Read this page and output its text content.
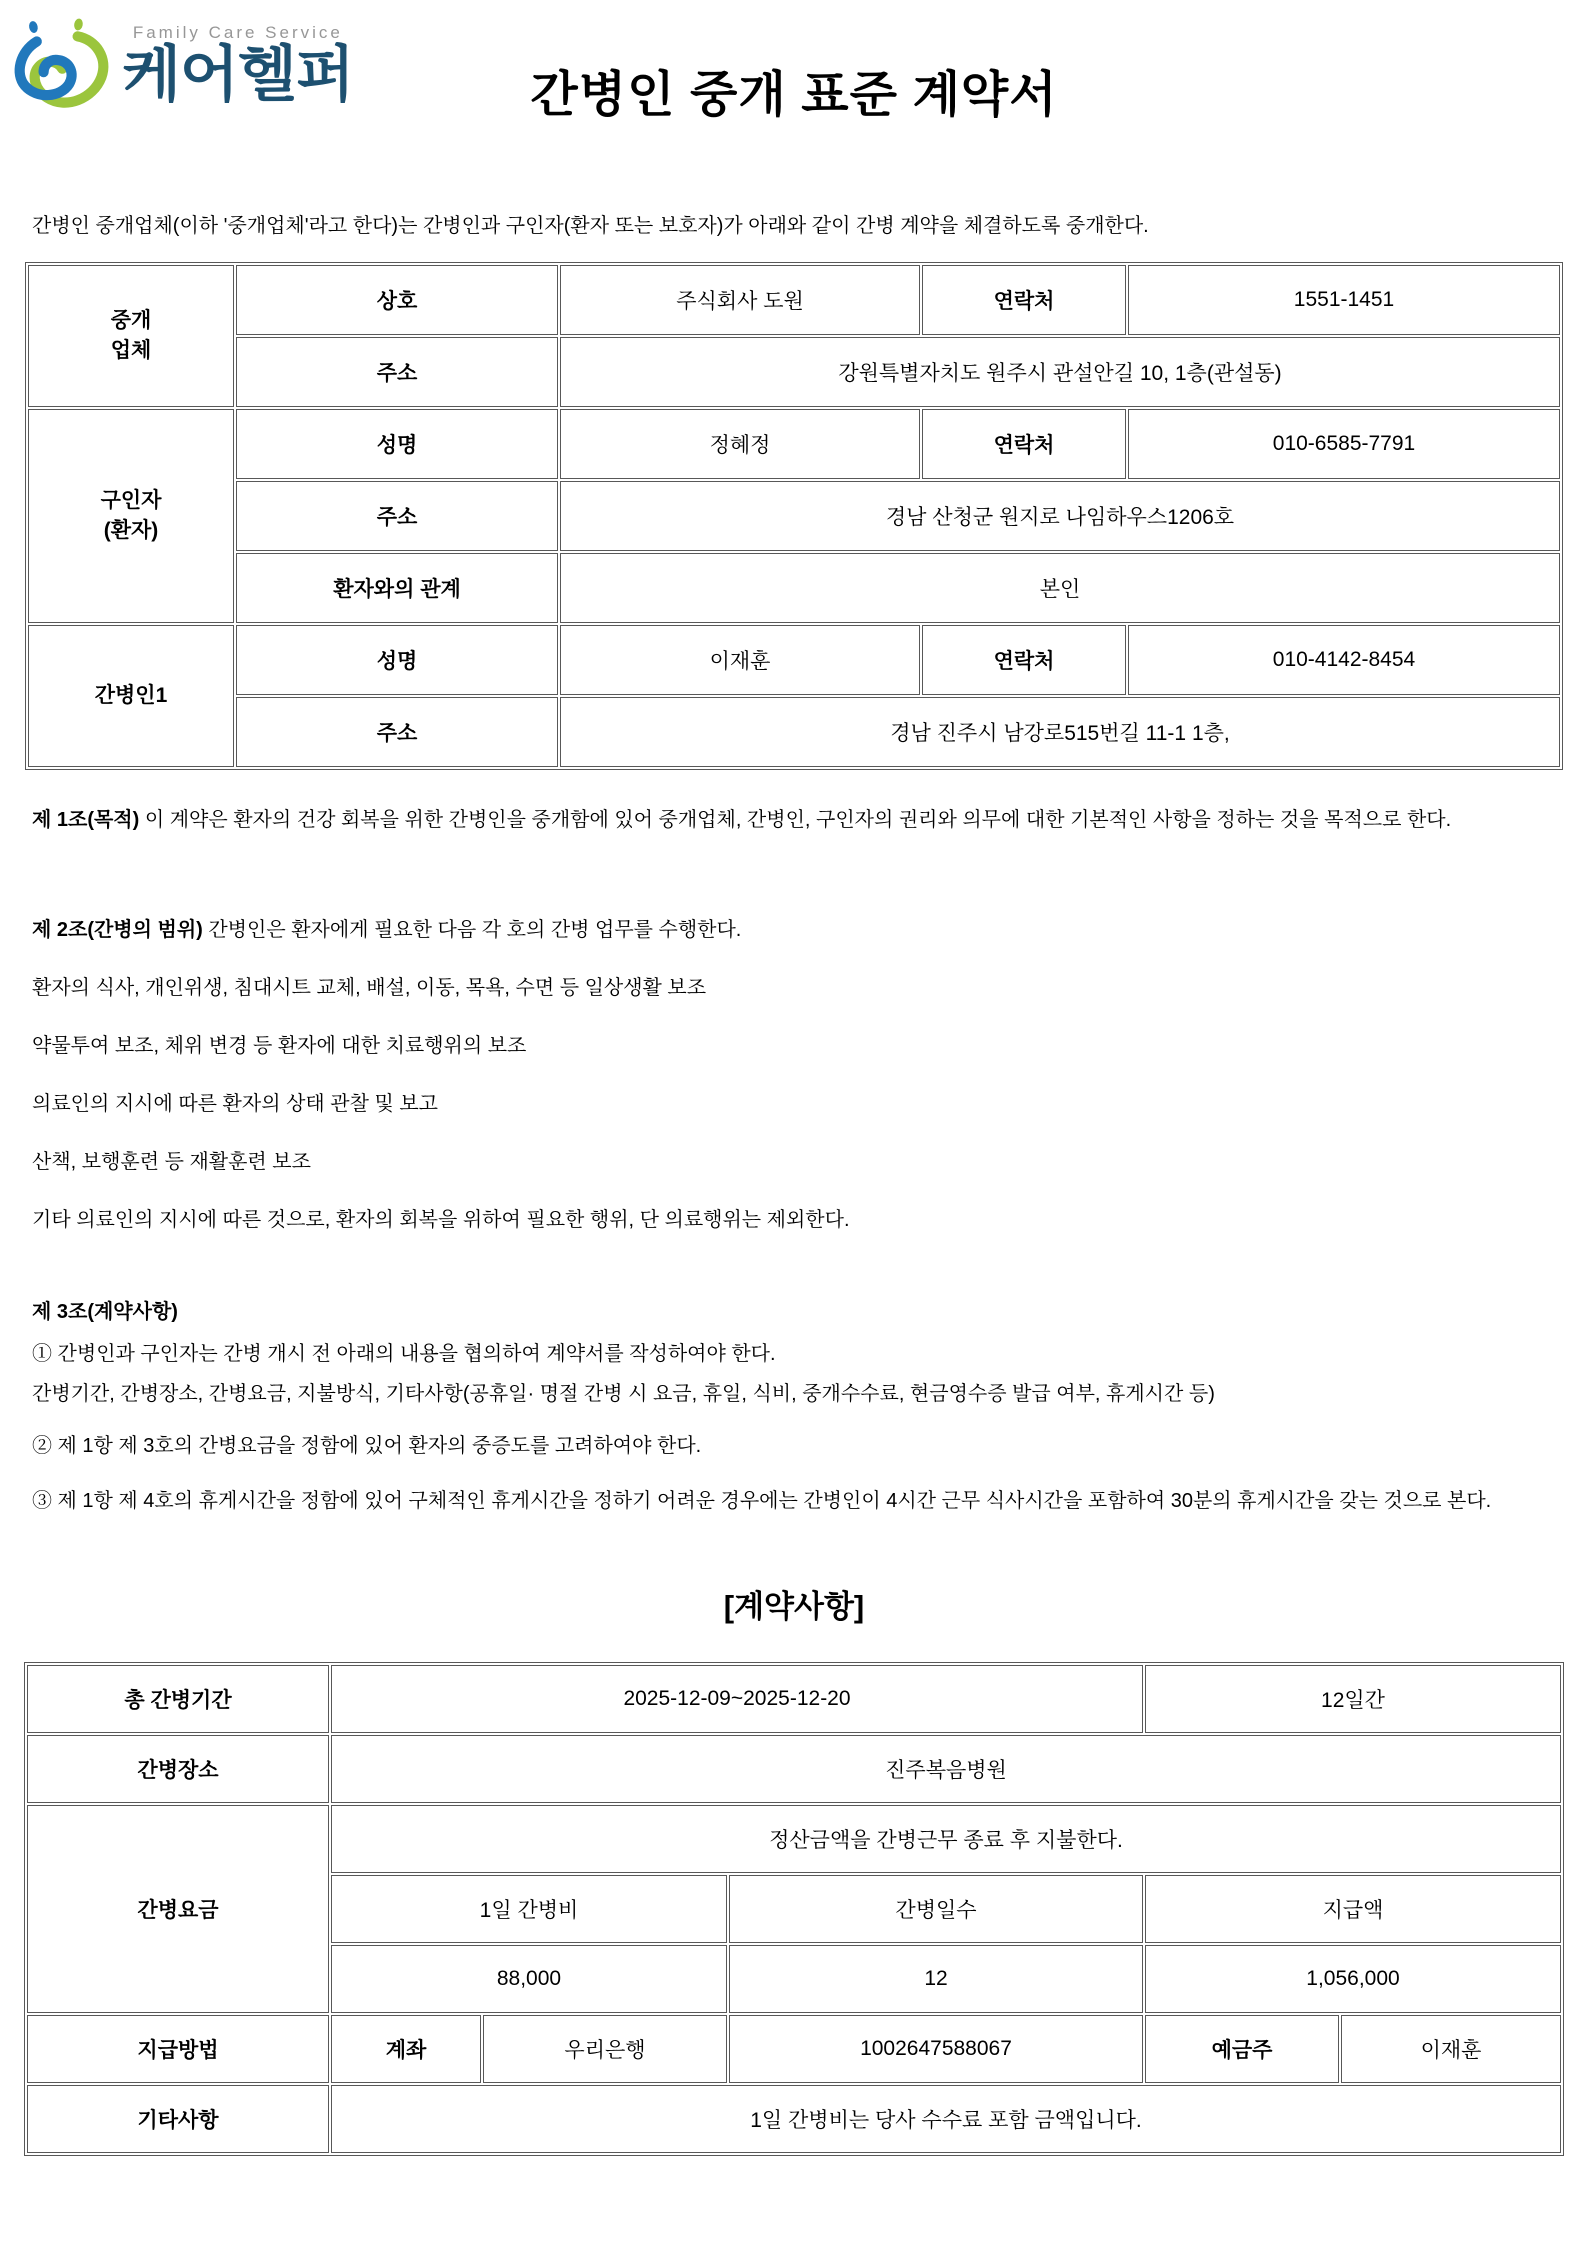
Family Care Service
케어헬퍼	간병인 중개 표준 계약서

간병인 중개업체(이하 '중개업체'라고 한다)는 간병인과 구인자(환자 또는 보호자)가 아래와 같이 간병 계약을 체결하도록 중개한다.

중개
업체	상호	주식회사 도원	연락처	1551-1451
	주소	강원특별자치도 원주시 관설안길 10, 1층(관설동)		

구인자
(환자)	성명	정혜정	연락처	010-6585-7791
	주소	경남 산청군 원지로 나임하우스1206호		
	환자와의 관계	본인		

간병인1	성명	이재훈	연락처	010-4142-8454
	주소	경남 진주시 남강로515번길 11-1 1층,		

제 1조(목적) 이 계약은 환자의 건강 회복을 위한 간병인을 중개함에 있어 중개업체, 간병인, 구인자의 권리와 의무에 대한 기본적인 사항을 정하는 것을 목적으로 한다.

제 2조(간병의 범위) 간병인은 환자에게 필요한 다음 각 호의 간병 업무를 수행한다.

환자의 식사, 개인위생, 침대시트 교체, 배설, 이동, 목욕, 수면 등 일상생활 보조

약물투여 보조, 체위 변경 등 환자에 대한 치료행위의 보조

의료인의 지시에 따른 환자의 상태 관찰 및 보고

산책, 보행훈련 등 재활훈련 보조

기타 의료인의 지시에 따른 것으로, 환자의 회복을 위하여 필요한 행위, 단 의료행위는 제외한다.

제 3조(계약사항)

① 간병인과 구인자는 간병 개시 전 아래의 내용을 협의하여 계약서를 작성하여야 한다.

간병기간, 간병장소, 간병요금, 지불방식, 기타사항(공휴일· 명절 간병 시 요금, 휴일, 식비, 중개수수료, 현금영수증 발급 여부, 휴게시간 등)

② 제 1항 제 3호의 간병요금을 정함에 있어 환자의 중증도를 고려하여야 한다.

③ 제 1항 제 4호의 휴게시간을 정함에 있어 구체적인 휴게시간을 정하기 어려운 경우에는 간병인이 4시간 근무 식사시간을 포함하여 30분의 휴게시간을 갖는 것으로 본다.

[계약사항]
총 간병기간	2025-12-09~2025-12-20			12일간	
간병장소	진주복음병원				
간병요금	정산금액을 간병근무 종료 후 지불한다.				
	1일 간병비		간병일수	지급액	
	88,000		12	1,056,000	
지급방법	계좌	우리은행	1002647588067	예금주	이재훈
기타사항	1일 간병비는 당사 수수료 포함 금액입니다.				
